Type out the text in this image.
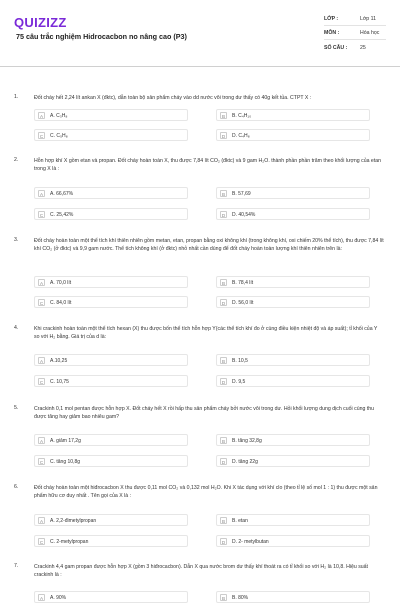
QUIZIZZ
75 câu trắc nghiệm Hidrocacbon no nâng cao (P3)
LỚP :	Lớp 11
MÔN :	Hóa học
SỐ CÂU : 25
1.	Đốt cháy hết 2,24 lít ankan X (đktc), dẫn toàn bộ sản phẩm cháy vào dd nước vôi trong dư thấy có 40g kết tủa. CTPT X :
A	A. C₃H₈	B	B. C₄H₁₀
C	C. C₅H₈	D	D. C₄H₈
2.	Hỗn hợp khí X gồm etan và propan. Đốt cháy hoàn toàn X, thu được 7,84 lít CO₂ (đktc) và 9 gam H₂O. thành phần phần trăm theo khối lượng của etan trong X là :
A	A. 66,67%	B	B. 57,69
C	C. 25,42%	D	D. 40,54%
3.	Đốt cháy hoàn toàn một thể tích khí thiên nhiên gồm metan, etan, propan bằng oxi không khí (trong không khí, oxi chiếm 20% thể tích), thu được 7,84 lít khí CO₂ (ở đktc) và 9,9 gam nước. Thể tích không khí (ở đktc) nhỏ nhất cần dùng để đốt cháy hoàn toàn lượng khí thiên nhiên trên là:
A	A. 70,0 lít	B	B. 78,4 lít
C	C. 84,0 lít	D	D. 56,0 lít
4.	Khi crackinh hoàn toàn một thể tích hexan (X) thu được bốn thể tích hỗn hợp Y(các thể tích khí đo ở cùng điều kiện nhiệt độ và áp suất); tỉ khối của Y so với H₂ bằng. Giá trị của d là:
A	A.10,25	B	B. 10,5
C	C. 10,75	D	D. 9,5
5.	Crackinh 0,1 mol pentan được hỗn hợp X. Đốt cháy hết X rồi hấp thu sản phẩm cháy bởi nước vôi trong dư. Hỏi khối lượng dung dịch cuối cùng thu được tăng hay giảm bao nhiêu gam?
A	A. giảm 17,2g	B	B. tăng 32,8g
C	C. tăng 10,8g	D	D. tăng 22g
6.	Đốt cháy hoàn toàn một hiđrocacbon X thu được 0,11 mol CO₂ và 0,132 mol H₂O. Khi X tác dụng với khí clo (theo tỉ lệ số mol 1 : 1) thu được một sản phẩm hữu cơ duy nhất . Tên gọi của X là :
A	A. 2,2-đimetylpropan	B	B. etan
C	C. 2-metylpropan	D	D. 2- metylbutan
7.	Crackinh 4,4 gam propan được hỗn hợp X (gồm 3 hiđrocacbon). Dẫn X qua nước brom dư thấy khí thoát ra có tỉ khối so với H₂ là 10,8. Hiệu suất crackinh là :
A	A. 90%	B	B. 80%
